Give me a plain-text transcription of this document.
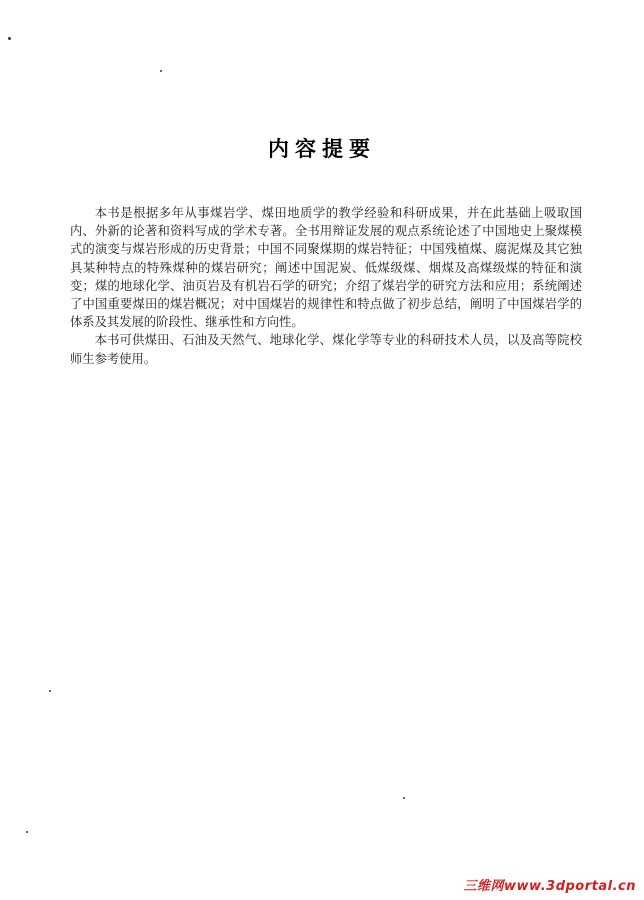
内容提要

本书是根据多年从事煤岩学、煤田地质学的教学经验和科研成果，并在此基础上吸取国内、外新的论著和资料写成的学术专著。全书用辩证发展的观点系统论述了中国地史上聚煤模式的演变与煤岩形成的历史背景；中国不同聚煤期的煤岩特征；中国残植煤、腐泥煤及其它独具某种特点的特殊煤种的煤岩研究；阐述中国泥炭、低煤级煤、烟煤及高煤级煤的特征和演变；煤的地球化学、油页岩及有机岩石学的研究；介绍了煤岩学的研究方法和应用；系统阐述了中国重要煤田的煤岩概况；对中国煤岩的规律性和特点做了初步总结，阐明了中国煤岩学的体系及其发展的阶段性、继承性和方向性。

本书可供煤田、石油及天然气、地球化学、煤化学等专业的科研技术人员，以及高等院校师生参考使用。

三维网www.3dportal.cn
